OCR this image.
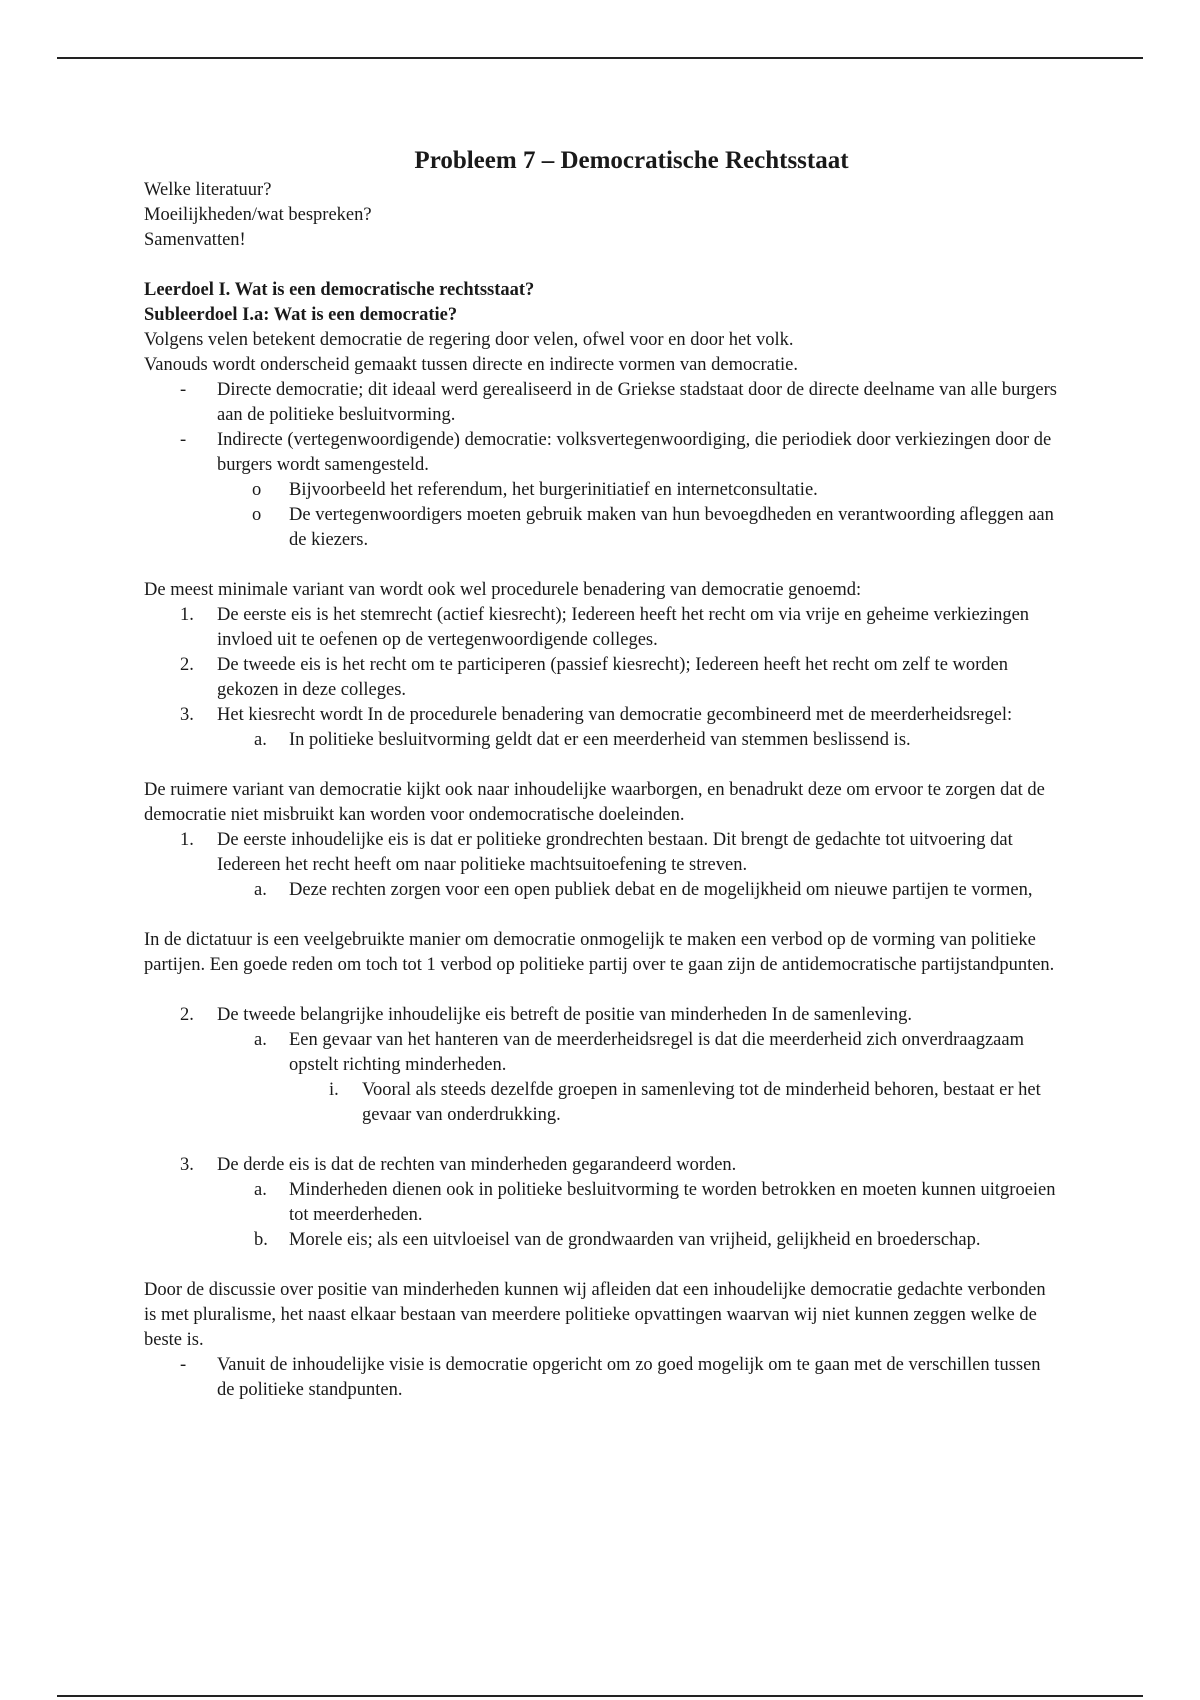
Probleem 7 – Democratische Rechtsstaat

Welke literatuur?

Moeilijkheden/wat bespreken?

Samenvatten!

Leerdoel I. Wat is een democratische rechtsstaat?

Subleerdoel I.a: Wat is een democratie?

Volgens velen betekent democratie de regering door velen, ofwel voor en door het volk.

Vanouds wordt onderscheid gemaakt tussen directe en indirecte vormen van democratie.

- Directe democratie; dit ideaal werd gerealiseerd in de Griekse stadstaat door de directe deelname van alle burgers aan de politieke besluitvorming.
- Indirecte (vertegenwoordigende) democratie: volksvertegenwoordiging, die periodiek door verkiezingen door de burgers wordt samengesteld.
o Bijvoorbeeld het referendum, het burgerinitiatief en internetconsultatie.
o De vertegenwoordigers moeten gebruik maken van hun bevoegdheden en verantwoording afleggen aan de kiezers.

De meest minimale variant van wordt ook wel procedurele benadering van democratie genoemd:

1. De eerste eis is het stemrecht (actief kiesrecht); Iedereen heeft het recht om via vrije en geheime verkiezingen invloed uit te oefenen op de vertegenwoordigende colleges.
2. De tweede eis is het recht om te participeren (passief kiesrecht); Iedereen heeft het recht om zelf te worden gekozen in deze colleges.
3. Het kiesrecht wordt In de procedurele benadering van democratie gecombineerd met de meerderheidsregel:
a. In politieke besluitvorming geldt dat er een meerderheid van stemmen beslissend is.

De ruimere variant van democratie kijkt ook naar inhoudelijke waarborgen, en benadrukt deze om ervoor te zorgen dat de democratie niet misbruikt kan worden voor ondemocratische doeleinden.

1. De eerste inhoudelijke eis is dat er politieke grondrechten bestaan. Dit brengt de gedachte tot uitvoering dat Iedereen het recht heeft om naar politieke machtsuitoefening te streven.
a. Deze rechten zorgen voor een open publiek debat en de mogelijkheid om nieuwe partijen te vormen,

In de dictatuur is een veelgebruikte manier om democratie onmogelijk te maken een verbod op de vorming van politieke partijen. Een goede reden om toch tot 1 verbod op politieke partij over te gaan zijn de antidemocratische partijstandpunten.

2. De tweede belangrijke inhoudelijke eis betreft de positie van minderheden In de samenleving.
a. Een gevaar van het hanteren van de meerderheidsregel is dat die meerderheid zich onverdraagzaam opstelt richting minderheden.
i. Vooral als steeds dezelfde groepen in samenleving tot de minderheid behoren, bestaat er het gevaar van onderdrukking.
3. De derde eis is dat de rechten van minderheden gegarandeerd worden.
a. Minderheden dienen ook in politieke besluitvorming te worden betrokken en moeten kunnen uitgroeien tot meerderheden.
b. Morele eis; als een uitvloeisel van de grondwaarden van vrijheid, gelijkheid en broederschap.

Door de discussie over positie van minderheden kunnen wij afleiden dat een inhoudelijke democratie gedachte verbonden is met pluralisme, het naast elkaar bestaan van meerdere politieke opvattingen waarvan wij niet kunnen zeggen welke de beste is.

- Vanuit de inhoudelijke visie is democratie opgericht om zo goed mogelijk om te gaan met de verschillen tussen de politieke standpunten.
